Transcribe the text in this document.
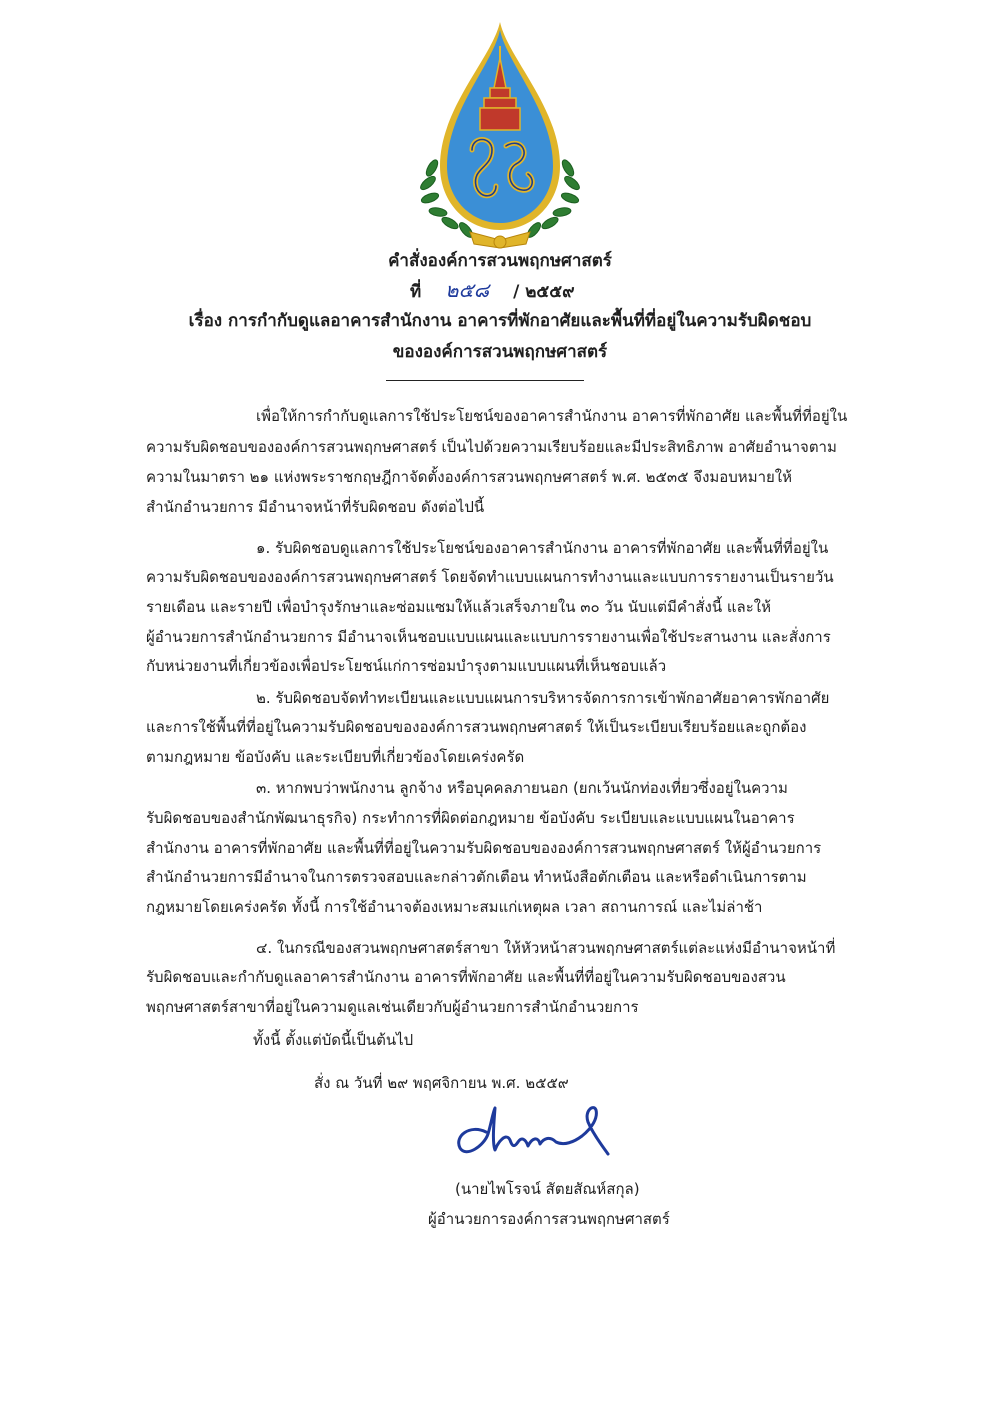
คำสั่งองค์การสวนพฤกษศาสตร์
ที่ ๒๕๘ / ๒๕๕๙
เรื่อง การกำกับดูแลอาคารสำนักงาน อาคารที่พักอาศัยและพื้นที่ที่อยู่ในความรับผิดชอบ
ขององค์การสวนพฤกษศาสตร์
เพื่อให้การกำกับดูแลการใช้ประโยชน์ของอาคารสำนักงาน อาคารที่พักอาศัย และพื้นที่ที่อยู่ใน
ความรับผิดชอบขององค์การสวนพฤกษศาสตร์ เป็นไปด้วยความเรียบร้อยและมีประสิทธิภาพ อาศัยอำนาจตาม
ความในมาตรา ๒๑ แห่งพระราชกฤษฎีกาจัดตั้งองค์การสวนพฤกษศาสตร์ พ.ศ. ๒๕๓๕ จึงมอบหมายให้
สำนักอำนวยการ มีอำนาจหน้าที่รับผิดชอบ ดังต่อไปนี้
๑. รับผิดชอบดูแลการใช้ประโยชน์ของอาคารสำนักงาน อาคารที่พักอาศัย และพื้นที่ที่อยู่ใน
ความรับผิดชอบขององค์การสวนพฤกษศาสตร์ โดยจัดทำแบบแผนการทำงานและแบบการรายงานเป็นรายวัน
รายเดือน และรายปี เพื่อบำรุงรักษาและซ่อมแซมให้แล้วเสร็จภายใน ๓๐ วัน นับแต่มีคำสั่งนี้ และให้
ผู้อำนวยการสำนักอำนวยการ มีอำนาจเห็นชอบแบบแผนและแบบการรายงานเพื่อใช้ประสานงาน และสั่งการ
กับหน่วยงานที่เกี่ยวข้องเพื่อประโยชน์แก่การซ่อมบำรุงตามแบบแผนที่เห็นชอบแล้ว
๒. รับผิดชอบจัดทำทะเบียนและแบบแผนการบริหารจัดการการเข้าพักอาศัยอาคารพักอาศัย
และการใช้พื้นที่ที่อยู่ในความรับผิดชอบขององค์การสวนพฤกษศาสตร์ ให้เป็นระเบียบเรียบร้อยและถูกต้อง
ตามกฎหมาย ข้อบังคับ และระเบียบที่เกี่ยวข้องโดยเคร่งครัด
๓. หากพบว่าพนักงาน ลูกจ้าง หรือบุคคลภายนอก (ยกเว้นนักท่องเที่ยวซึ่งอยู่ในความ
รับผิดชอบของสำนักพัฒนาธุรกิจ) กระทำการที่ผิดต่อกฎหมาย ข้อบังคับ ระเบียบและแบบแผนในอาคาร
สำนักงาน อาคารที่พักอาศัย และพื้นที่ที่อยู่ในความรับผิดชอบขององค์การสวนพฤกษศาสตร์ ให้ผู้อำนวยการ
สำนักอำนวยการมีอำนาจในการตรวจสอบและกล่าวตักเตือน ทำหนังสือตักเตือน และหรือดำเนินการตาม
กฎหมายโดยเคร่งครัด ทั้งนี้ การใช้อำนาจต้องเหมาะสมแก่เหตุผล เวลา สถานการณ์ และไม่ล่าช้า
๔. ในกรณีของสวนพฤกษศาสตร์สาขา ให้หัวหน้าสวนพฤกษศาสตร์แต่ละแห่งมีอำนาจหน้าที่
รับผิดชอบและกำกับดูแลอาคารสำนักงาน อาคารที่พักอาศัย และพื้นที่ที่อยู่ในความรับผิดชอบของสวน
พฤกษศาสตร์สาขาที่อยู่ในความดูแลเช่นเดียวกับผู้อำนวยการสำนักอำนวยการ
ทั้งนี้ ตั้งแต่บัดนี้เป็นต้นไป
สั่ง ณ วันที่ ๒๙ พฤศจิกายน พ.ศ. ๒๕๕๙
(นายไพโรจน์ สัตยสัณห์สกุล)
ผู้อำนวยการองค์การสวนพฤกษศาสตร์
